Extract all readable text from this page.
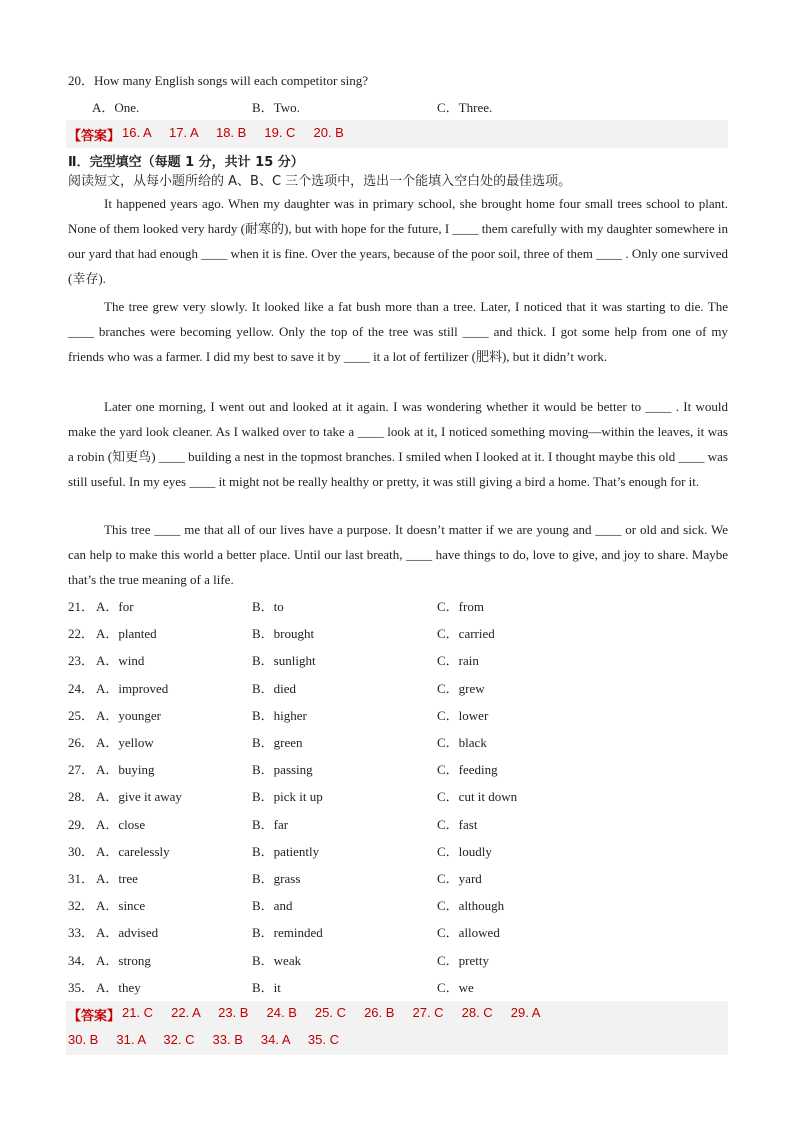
20．How many English songs will each competitor sing?
A．One.	B．Two.	C．Three.
【答案】 16. A     17. A     18. B     19. C     20. B
Ⅱ．完型填空（每题 1 分，共计 15 分）
阅读短文，从每小题所给的 A、B、C 三个选项中，选出一个能填入空白处的最佳选项。

It happened years ago. When my daughter was in primary school, she brought home four small trees school to plant. None of them looked very hardy (耐寒的), but with hope for the future, I ____ them carefully with my daughter somewhere in our yard that had enough ____ when it is fine. Over the years, because of the poor soil, three of them ____ . Only one survived (幸存).

The tree grew very slowly. It looked like a fat bush more than a tree. Later, I noticed that it was starting to die. The ____ branches were becoming yellow. Only the top of the tree was still ____ and thick. I got some help from one of my friends who was a farmer. I did my best to save it by ____ it a lot of fertilizer (肥料), but it didn’t work.

Later one morning, I went out and looked at it again. I was wondering whether it would be better to ____ . It would make the yard look cleaner. As I walked over to take a ____ look at it, I noticed something moving—within the leaves, it was a robin (知更鸟) ____ building a nest in the topmost branches. I smiled when I looked at it. I thought maybe this old ____ was still useful. In my eyes ____ it might not be really healthy or pretty, it was still giving a bird a home. That’s enough for it.

This tree ____ me that all of our lives have a purpose. It doesn’t matter if we are young and ____ or old and sick. We can help to make this world a better place. Until our last breath, ____ have things to do, love to give, and joy to share. Maybe that’s the true meaning of a life.

21． A．for	B．to	C．from
22． A．planted	B．brought	C．carried
23． A．wind	B．sunlight	C．rain
24． A．improved	B．died	C．grew
25． A．younger	B．higher	C．lower
26． A．yellow	B．green	C．black
27． A．buying	B．passing	C．feeding
28． A．give it away	B．pick it up	C．cut it down
29． A．close	B．far	C．fast
30． A．carelessly	B．patiently	C．loudly
31． A．tree	B．grass	C．yard
32． A．since	B．and	C．although
33． A．advised	B．reminded	C．allowed
34． A．strong	B．weak	C．pretty
35． A．they	B．it	C．we
【答案】 21. C     22. A     23. B     24. B     25. C     26. B     27. C     28. C     29. A
30. B     31. A     32. C     33. B     34. A     35. C
